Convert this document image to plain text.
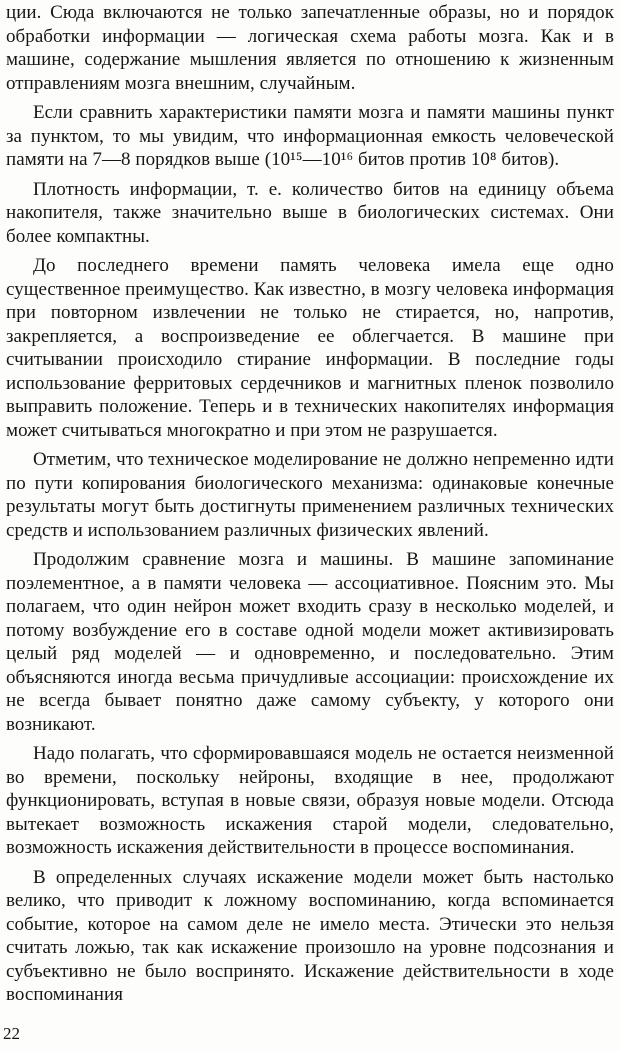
ции. Сюда включаются не только запечатленные образы, но и порядок обработки информации — логическая схема работы мозга. Как и в машине, содержание мышления является по отношению к жизненным отправлениям мозга внешним, случайным.

Если сравнить характеристики памяти мозга и памяти машины пункт за пунктом, то мы увидим, что информационная емкость человеческой памяти на 7—8 порядков выше (10¹⁵—10¹⁶ битов против 10⁸ битов).

Плотность информации, т. е. количество битов на единицу объема накопителя, также значительно выше в биологических системах. Они более компактны.

До последнего времени память человека имела еще одно существенное преимущество. Как известно, в мозгу человека информация при повторном извлечении не только не стирается, но, напротив, закрепляется, а воспроизведение ее облегчается. В машине при считывании происходило стирание информации. В последние годы использование ферритовых сердечников и магнитных пленок позволило выправить положение. Теперь и в технических накопителях информация может считываться многократно и при этом не разрушается.

Отметим, что техническое моделирование не должно непременно идти по пути копирования биологического механизма: одинаковые конечные результаты могут быть достигнуты применением различных технических средств и использованием различных физических явлений.

Продолжим сравнение мозга и машины. В машине запоминание поэлементное, а в памяти человека — ассоциативное. Поясним это. Мы полагаем, что один нейрон может входить сразу в несколько моделей, и потому возбуждение его в составе одной модели может активизировать целый ряд моделей — и одновременно, и последовательно. Этим объясняются иногда весьма причудливые ассоциации: происхождение их не всегда бывает понятно даже самому субъекту, у которого они возникают.

Надо полагать, что сформировавшаяся модель не остается неизменной во времени, поскольку нейроны, входящие в нее, продолжают функционировать, вступая в новые связи, образуя новые модели. Отсюда вытекает возможность искажения старой модели, следовательно, возможность искажения действительности в процессе воспоминания.

В определенных случаях искажение модели может быть настолько велико, что приводит к ложному воспоминанию, когда вспоминается событие, которое на самом деле не имело места. Этически это нельзя считать ложью, так как искажение произошло на уровне подсознания и субъективно не было воспринято. Искажение действительности в ходе воспоминания

22
